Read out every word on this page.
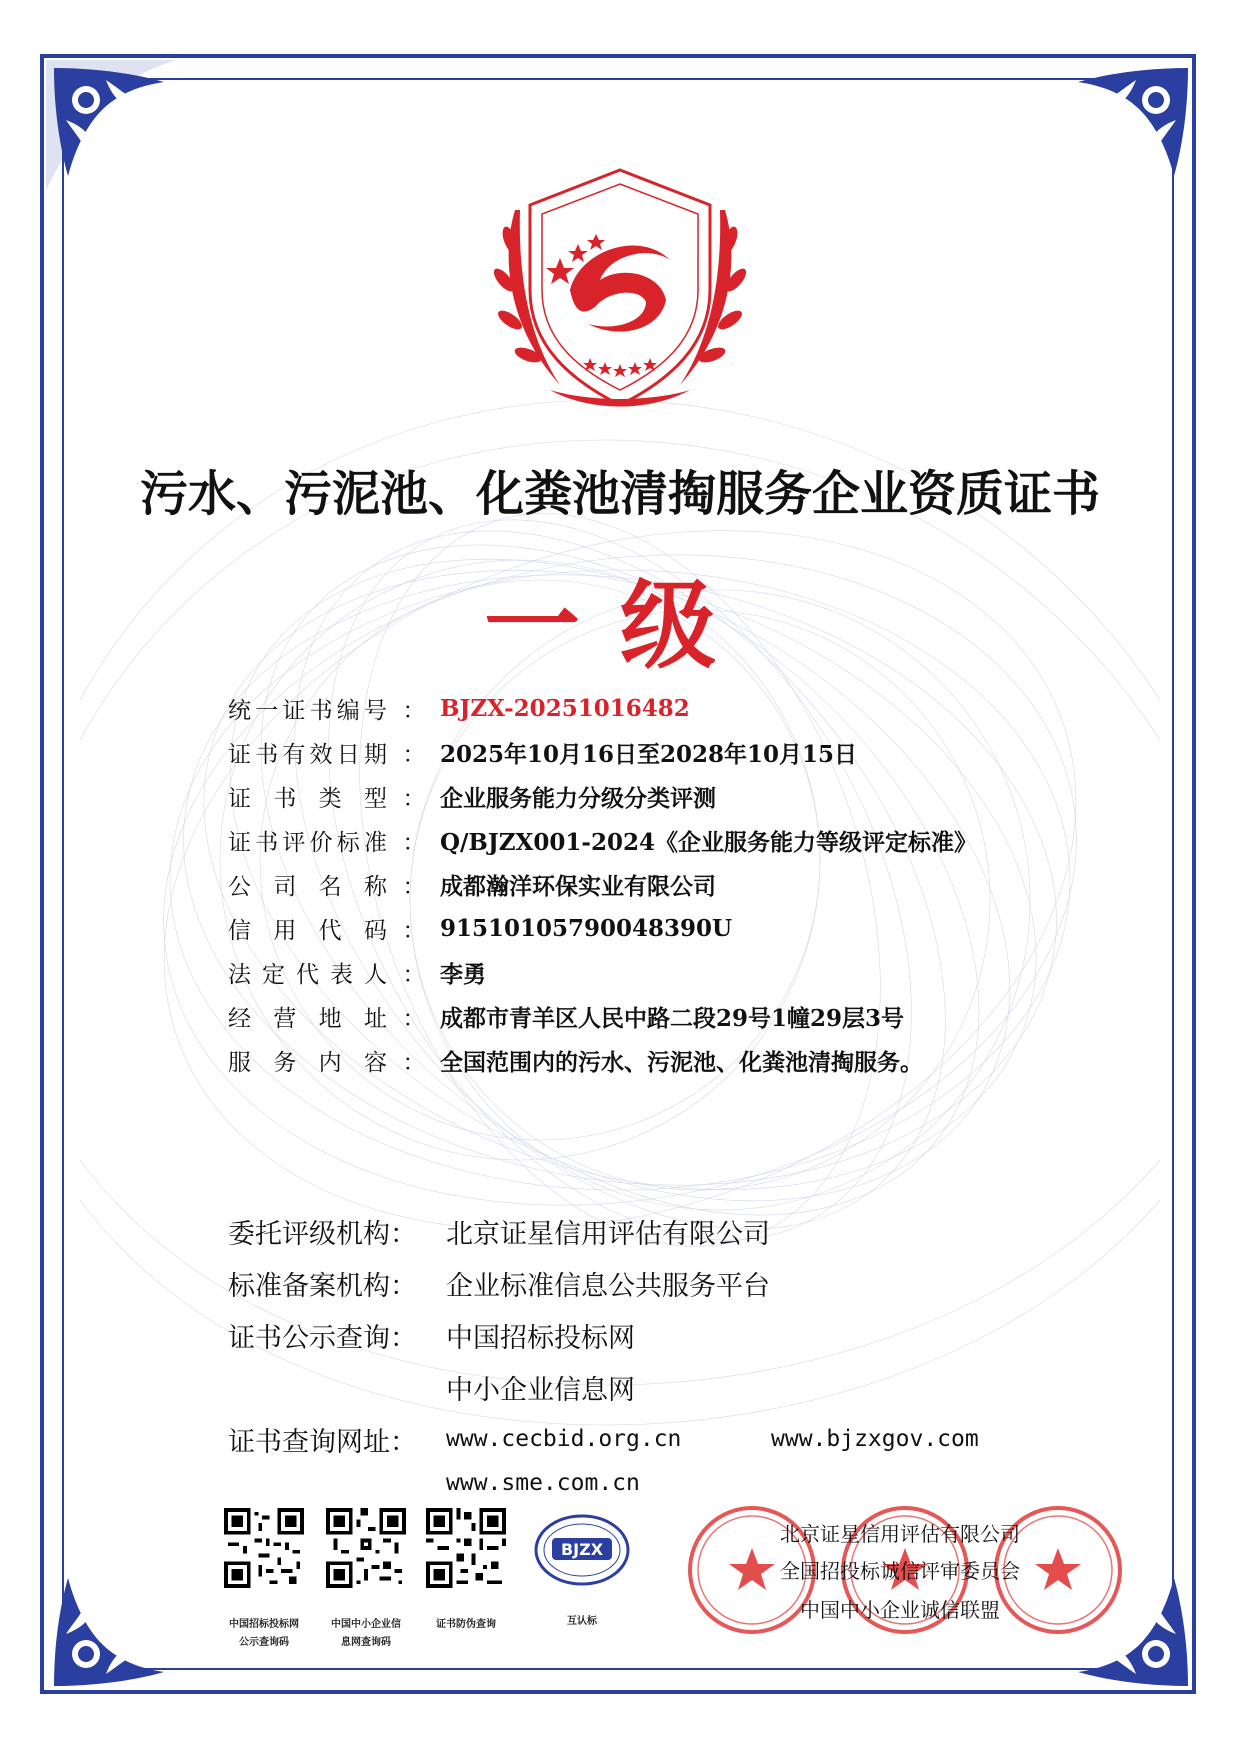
污水、污泥池、化粪池清掏服务企业资质证书
一级
统 一 证 书 编 号 ： BJZX-20251016482
证 书 有 效 日 期 ： 2025年10月16日至2028年10月15日
证 书 类 型 ： 企业服务能力分级分类评测
证 书 评 价 标 准 ： Q/BJZX001-2024《企业服务能力等级评定标准》
公 司 名 称 ： 成都瀚洋环保实业有限公司
信 用 代 码 ： 91510105790048390U
法 定 代 表 人 ： 李勇
经 营 地 址 ： 成都市青羊区人民中路二段29号1幢29层3号
服 务 内 容 ： 全国范围内的污水、污泥池、化粪池清掏服务。
委托评级机构：	北京证星信用评估有限公司
标准备案机构：	企业标准信息公共服务平台
证书公示查询：	中国招标投标网
中小企业信息网
证书查询网址：	www.cecbid.org.cn	www.bjzxgov.com
www.sme.com.cn
中国招标投标网
公示查询码
中国中小企业信
息网查询码
证书防伪查询
BJZX
互认标
北京证星信用评估有限公司
全国招投标诚信评审委员会
中国中小企业诚信联盟
